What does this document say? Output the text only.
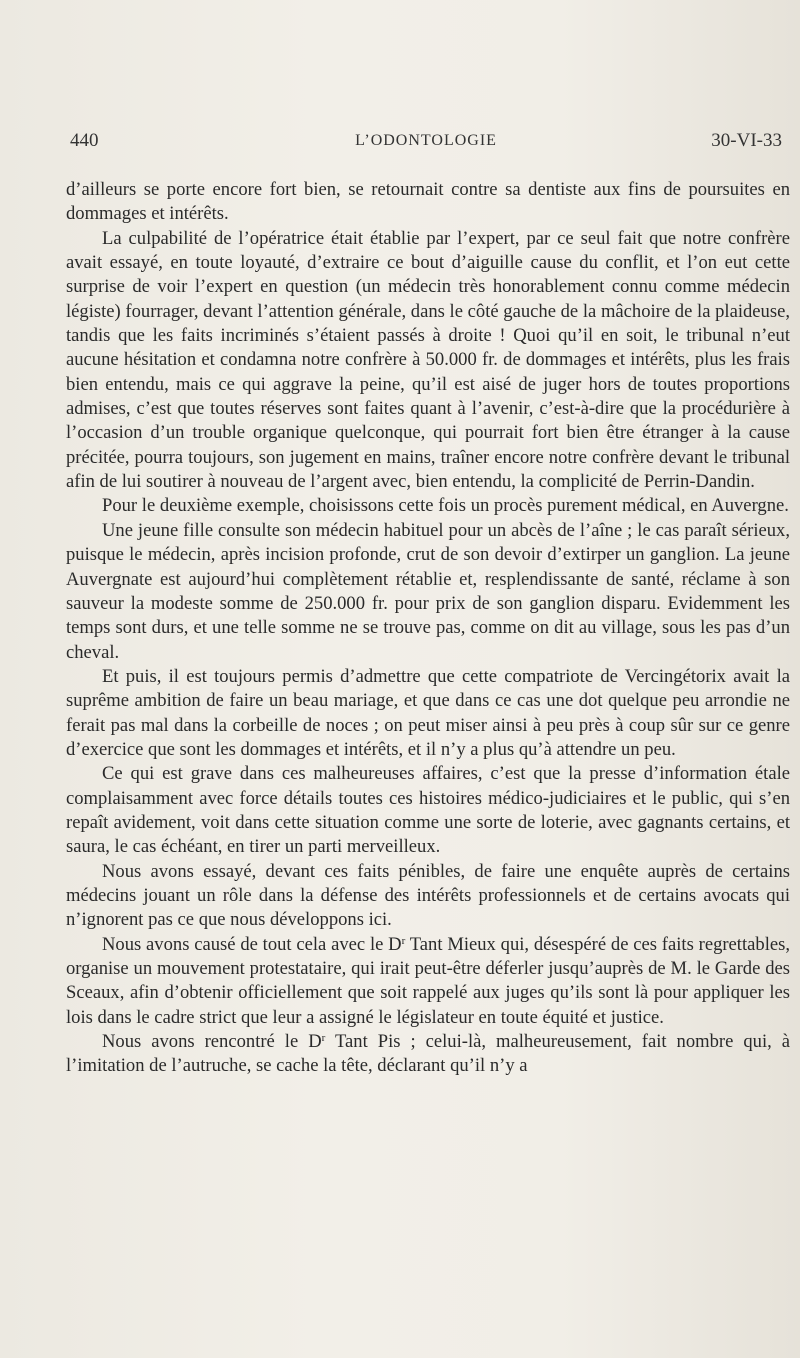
440	L’ODONTOLOGIE	30-VI-33

d’ailleurs se porte encore fort bien, se retournait contre sa dentiste aux fins de poursuites en dommages et intérêts.

La culpabilité de l’opératrice était établie par l’expert, par ce seul fait que notre confrère avait essayé, en toute loyauté, d’extraire ce bout d’aiguille cause du conflit, et l’on eut cette surprise de voir l’expert en question (un médecin très honorablement connu comme médecin légiste) fourrager, devant l’attention générale, dans le côté gauche de la mâchoire de la plaideuse, tandis que les faits incriminés s’étaient passés à droite ! Quoi qu’il en soit, le tribunal n’eut aucune hésitation et condamna notre confrère à 50.000 fr. de dommages et intérêts, plus les frais bien entendu, mais ce qui aggrave la peine, qu’il est aisé de juger hors de toutes proportions admises, c’est que toutes réserves sont faites quant à l’avenir, c’est-à-dire que la procédurière à l’occasion d’un trouble organique quelconque, qui pourrait fort bien être étranger à la cause précitée, pourra toujours, son jugement en mains, traîner encore notre confrère devant le tribunal afin de lui soutirer à nouveau de l’argent avec, bien entendu, la complicité de Perrin-Dandin.

Pour le deuxième exemple, choisissons cette fois un procès purement médical, en Auvergne.

Une jeune fille consulte son médecin habituel pour un abcès de l’aîne ; le cas paraît sérieux, puisque le médecin, après incision profonde, crut de son devoir d’extirper un ganglion. La jeune Auvergnate est aujourd’hui complètement rétablie et, resplendissante de santé, réclame à son sauveur la modeste somme de 250.000 fr. pour prix de son ganglion disparu. Evidemment les temps sont durs, et une telle somme ne se trouve pas, comme on dit au village, sous les pas d’un cheval.

Et puis, il est toujours permis d’admettre que cette compatriote de Vercingétorix avait la suprême ambition de faire un beau mariage, et que dans ce cas une dot quelque peu arrondie ne ferait pas mal dans la corbeille de noces ; on peut miser ainsi à peu près à coup sûr sur ce genre d’exercice que sont les dommages et intérêts, et il n’y a plus qu’à attendre un peu.

Ce qui est grave dans ces malheureuses affaires, c’est que la presse d’information étale complaisamment avec force détails toutes ces histoires médico-judiciaires et le public, qui s’en repaît avidement, voit dans cette situation comme une sorte de loterie, avec gagnants certains, et saura, le cas échéant, en tirer un parti merveilleux.

Nous avons essayé, devant ces faits pénibles, de faire une enquête auprès de certains médecins jouant un rôle dans la défense des intérêts professionnels et de certains avocats qui n’ignorent pas ce que nous développons ici.

Nous avons causé de tout cela avec le $D^r$ Tant Mieux qui, désespéré de ces faits regrettables, organise un mouvement protestataire, qui irait peut-être déferler jusqu’auprès de M. le Garde des Sceaux, afin d’obtenir officiellement que soit rappelé aux juges qu’ils sont là pour appliquer les lois dans le cadre strict que leur a assigné le législateur en toute équité et justice.

Nous avons rencontré le $D^r$ Tant Pis ; celui-là, malheureusement, fait nombre qui, à l’imitation de l’autruche, se cache la tête, déclarant qu’il n’y a
